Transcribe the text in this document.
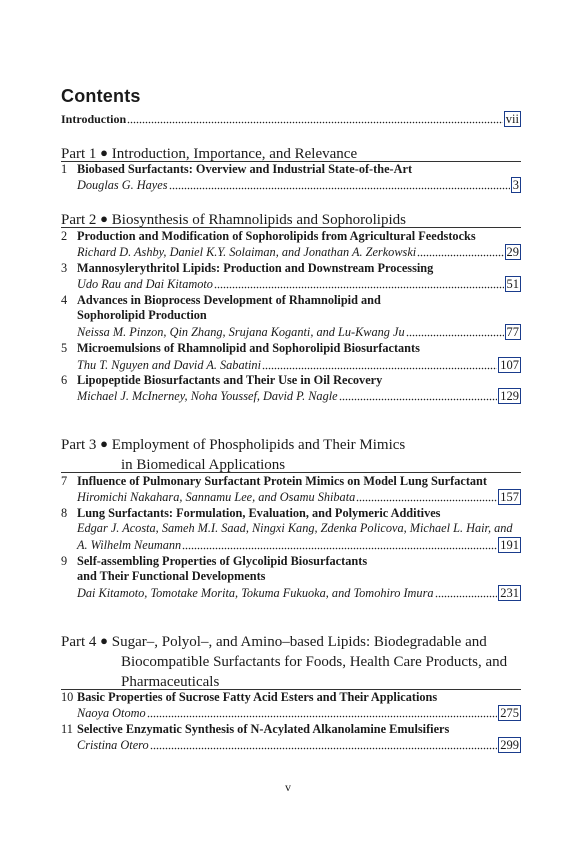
Contents
Introduction	vii
Part 1 ● Introduction, Importance, and Relevance
1 Biobased Surfactants: Overview and Industrial State-of-the-Art
Douglas G. Hayes	3
Part 2 ● Biosynthesis of Rhamnolipids and Sophorolipids
2 Production and Modification of Sophorolipids from Agricultural Feedstocks
Richard D. Ashby, Daniel K.Y. Solaiman, and Jonathan A. Zerkowski	29
3 Mannosylerythritol Lipids: Production and Downstream Processing
Udo Rau and Dai Kitamoto	51
4 Advances in Bioprocess Development of Rhamnolipid and
Sophorolipid Production
Neissa M. Pinzon, Qin Zhang, Srujana Koganti, and Lu-Kwang Ju	77
5 Microemulsions of Rhamnolipid and Sophorolipid Biosurfactants
Thu T. Nguyen and David A. Sabatini	107
6 Lipopeptide Biosurfactants and Their Use in Oil Recovery
Michael J. McInerney, Noha Youssef, David P. Nagle	129
Part 3 ● Employment of Phospholipids and Their Mimics
in Biomedical Applications
7 Influence of Pulmonary Surfactant Protein Mimics on Model Lung Surfactant
Hiromichi Nakahara, Sannamu Lee, and Osamu Shibata	157
8 Lung Surfactants: Formulation, Evaluation, and Polymeric Additives
Edgar J. Acosta, Sameh M.I. Saad, Ningxi Kang, Zdenka Policova, Michael L. Hair, and
A. Wilhelm Neumann	191
9 Self-assembling Properties of Glycolipid Biosurfactants
and Their Functional Developments
Dai Kitamoto, Tomotake Morita, Tokuma Fukuoka, and Tomohiro Imura	231
Part 4 ● Sugar–, Polyol–, and Amino–based Lipids: Biodegradable and
Biocompatible Surfactants for Foods, Health Care Products, and
Pharmaceuticals
10 Basic Properties of Sucrose Fatty Acid Esters and Their Applications
Naoya Otomo	275
11 Selective Enzymatic Synthesis of N-Acylated Alkanolamine Emulsifiers
Cristina Otero	299
v
